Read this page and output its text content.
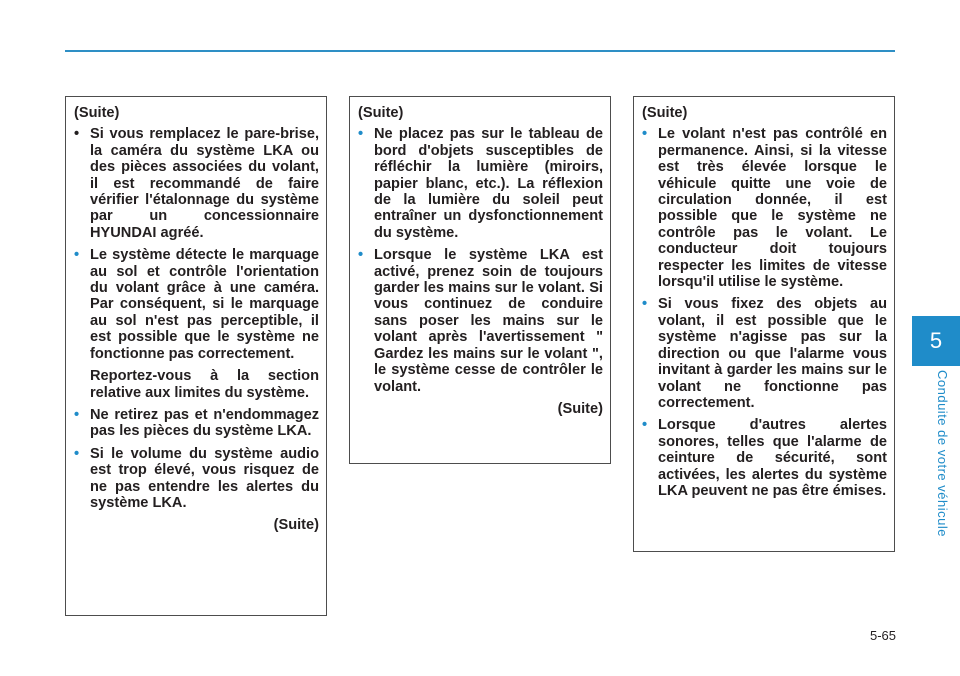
5
Conduite de votre véhicule
(Suite)
• Si vous remplacez le pare-brise, la caméra du système LKA ou des pièces associées du volant, il est recommandé de faire vérifier l'étalonnage du système par un concessionnaire HYUNDAI agréé.
• Le système détecte le marquage au sol et contrôle l'orientation du volant grâce à une caméra. Par conséquent, si le marquage au sol n'est pas perceptible, il est possible que le système ne fonctionne pas correctement.
Reportez-vous à la section relative aux limites du système.
• Ne retirez pas et n'endommagez pas les pièces du système LKA.
• Si le volume du système audio est trop élevé, vous risquez de ne pas entendre les alertes du système LKA.
(Suite)
(Suite)
• Ne placez pas sur le tableau de bord d'objets susceptibles de réfléchir la lumière (miroirs, papier blanc, etc.). La réflexion de la lumière du soleil peut entraîner un dysfonctionnement du système.
• Lorsque le système LKA est activé, prenez soin de toujours garder les mains sur le volant. Si vous continuez de conduire sans poser les mains sur le volant après l'avertissement " Gardez les mains sur le volant ", le système cesse de contrôler le volant.
(Suite)
(Suite)
• Le volant n'est pas contrôlé en permanence. Ainsi, si la vitesse est très élevée lorsque le véhicule quitte une voie de circulation donnée, il est possible que le système ne contrôle pas le volant. Le conducteur doit toujours respecter les limites de vitesse lorsqu'il utilise le système.
• Si vous fixez des objets au volant, il est possible que le système n'agisse pas sur la direction ou que l'alarme vous invitant à garder les mains sur le volant ne fonctionne pas correctement.
• Lorsque d'autres alertes sonores, telles que l'alarme de ceinture de sécurité, sont activées, les alertes du système LKA peuvent ne pas être émises.
5-65
